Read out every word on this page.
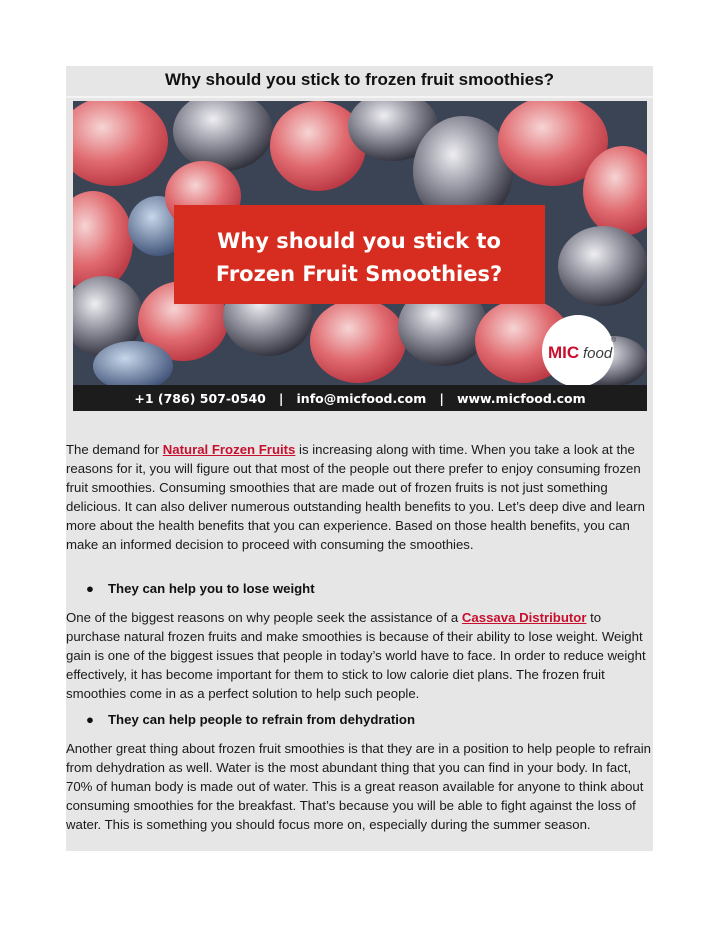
Why should you stick to frozen fruit smoothies?
Why should you stick to
Frozen Fruit Smoothies?
MIC food
®
+1 (786) 507-0540   |   info@micfood.com   |   www.micfood.com

The demand for Natural Frozen Fruits is increasing along with time. When you take a look at the reasons for it, you will figure out that most of the people out there prefer to enjoy consuming frozen fruit smoothies. Consuming smoothies that are made out of frozen fruits is not just something delicious. It can also deliver numerous outstanding health benefits to you. Let’s deep dive and learn more about the health benefits that you can experience. Based on those health benefits, you can make an informed decision to proceed with consuming the smoothies.

● They can help you to lose weight

One of the biggest reasons on why people seek the assistance of a Cassava Distributor to purchase natural frozen fruits and make smoothies is because of their ability to lose weight. Weight gain is one of the biggest issues that people in today’s world have to face. In order to reduce weight effectively, it has become important for them to stick to low calorie diet plans. The frozen fruit smoothies come in as a perfect solution to help such people.

● They can help people to refrain from dehydration

Another great thing about frozen fruit smoothies is that they are in a position to help people to refrain from dehydration as well. Water is the most abundant thing that you can find in your body. In fact, 70% of human body is made out of water. This is a great reason available for anyone to think about consuming smoothies for the breakfast. That’s because you will be able to fight against the loss of water. This is something you should focus more on, especially during the summer season.
